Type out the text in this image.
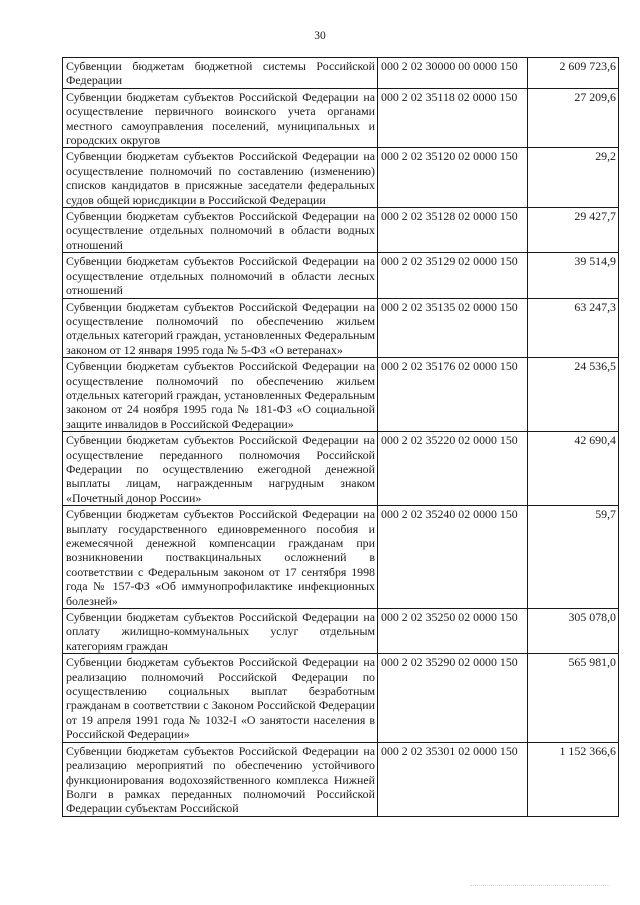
30
Субвенции бюджетам бюджетной системы Российской Федерации	000 2 02 30000 00 0000 150	2 609 723,6
Субвенции бюджетам субъектов Российской Федерации на осуществление первичного воинского учета органами местного самоуправления поселений, муниципальных и городских округов	000 2 02 35118 02 0000 150	27 209,6
Субвенции бюджетам субъектов Российской Федерации на осуществление полномочий по составлению (изменению) списков кандидатов в присяжные заседатели федеральных судов общей юрисдикции в Российской Федерации	000 2 02 35120 02 0000 150	29,2
Субвенции бюджетам субъектов Российской Федерации на осуществление отдельных полномочий в области водных отношений	000 2 02 35128 02 0000 150	29 427,7
Субвенции бюджетам субъектов Российской Федерации на осуществление отдельных полномочий в области лесных отношений	000 2 02 35129 02 0000 150	39 514,9
Субвенции бюджетам субъектов Российской Федерации на осуществление полномочий по обеспечению жильем отдельных категорий граждан, установленных Федеральным законом от 12 января 1995 года № 5-ФЗ «О ветеранах»	000 2 02 35135 02 0000 150	63 247,3
Субвенции бюджетам субъектов Российской Федерации на осуществление полномочий по обеспечению жильем отдельных категорий граждан, установленных Федеральным законом от 24 ноября 1995 года № 181-ФЗ «О социальной защите инвалидов в Российской Федерации»	000 2 02 35176 02 0000 150	24 536,5
Субвенции бюджетам субъектов Российской Федерации на осуществление переданного полномочия Российской Федерации по осуществлению ежегодной денежной выплаты лицам, награжденным нагрудным знаком «Почетный донор России»	000 2 02 35220 02 0000 150	42 690,4
Субвенции бюджетам субъектов Российской Федерации на выплату государственного единовременного пособия и ежемесячной денежной компенсации гражданам при возникновении поствакцинальных осложнений в соответствии с Федеральным законом от 17 сентября 1998 года № 157-ФЗ «Об иммунопрофилактике инфекционных болезней»	000 2 02 35240 02 0000 150	59,7
Субвенции бюджетам субъектов Российской Федерации на оплату жилищно-коммунальных услуг отдельным категориям граждан	000 2 02 35250 02 0000 150	305 078,0
Субвенции бюджетам субъектов Российской Федерации на реализацию полномочий Российской Федерации по осуществлению социальных выплат безработным гражданам в соответствии с Законом Российской Федерации от 19 апреля 1991 года № 1032-I «О занятости населения в Российской Федерации»	000 2 02 35290 02 0000 150	565 981,0
Субвенции бюджетам субъектов Российской Федерации на реализацию мероприятий по обеспечению устойчивого функционирования водохозяйственного комплекса Нижней Волги в рамках переданных полномочий Российской Федерации субъектам Российской	000 2 02 35301 02 0000 150	1 152 366,6
